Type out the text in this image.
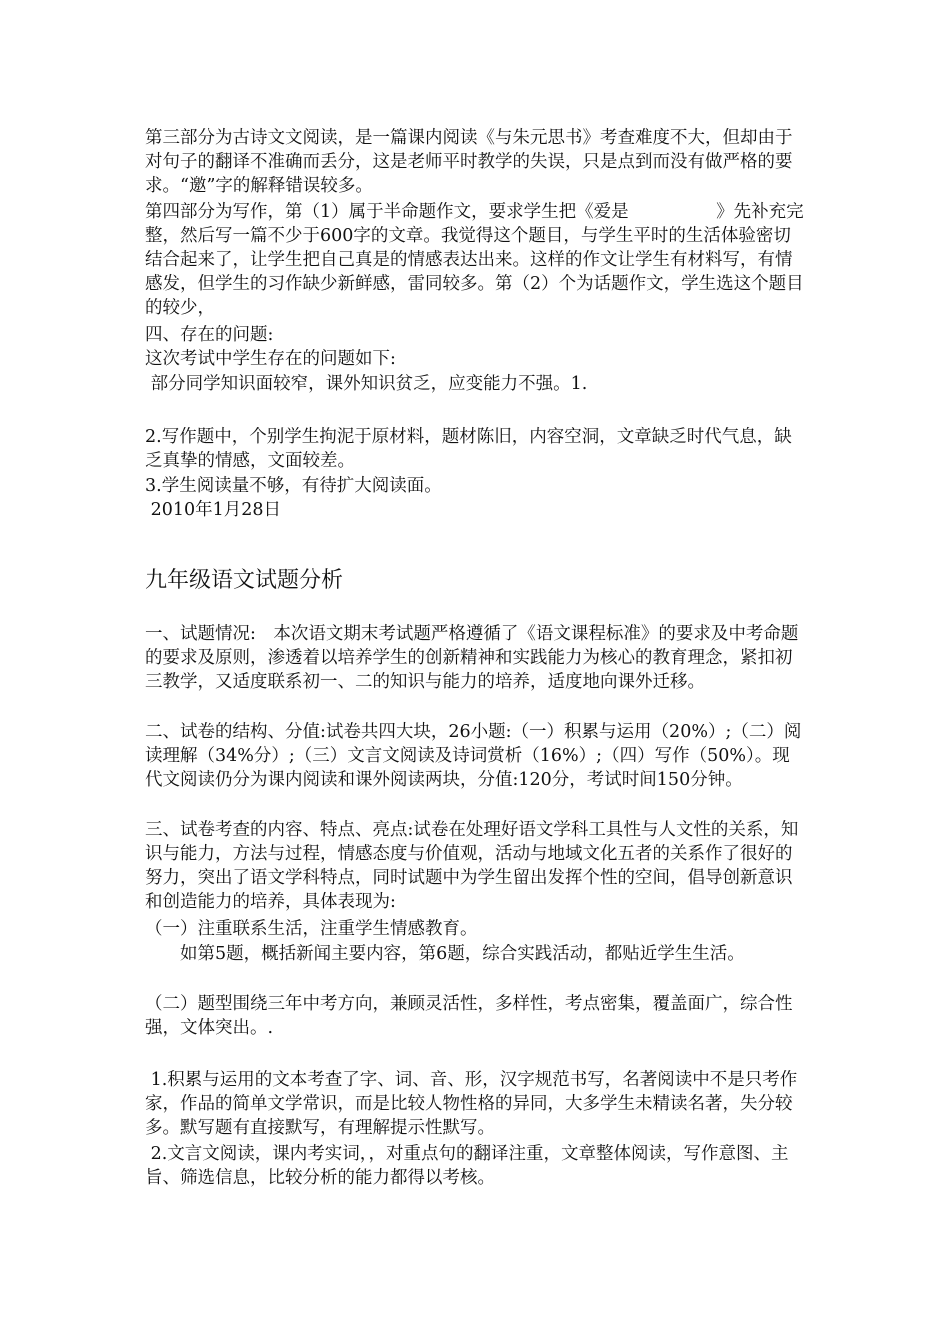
第三部分为古诗文文阅读，是一篇课内阅读《与朱元思书》考查难度不大，但却由于对句子的翻译不准确而丢分，这是老师平时教学的失误，只是点到而没有做严格的要求。“邀”字的解释错误较多。

第四部分为写作，第（1）属于半命题作文，要求学生把《爱是　　　　　》先补充完整，然后写一篇不少于600字的文章。我觉得这个题目，与学生平时的生活体验密切结合起来了，让学生把自己真是的情感表达出来。这样的作文让学生有材料写，有情感发，但学生的习作缺少新鲜感，雷同较多。第（2）个为话题作文，学生选这个题目的较少，

四、存在的问题:

这次考试中学生存在的问题如下:

部分同学知识面较窄，课外知识贫乏，应变能力不强。1.

2.写作题中，个别学生拘泥于原材料，题材陈旧，内容空洞，文章缺乏时代气息，缺乏真挚的情感，文面较差。

3.学生阅读量不够，有待扩大阅读面。

2010年1月28日

九年级语文试题分析

一、试题情况:　本次语文期末考试题严格遵循了《语文课程标准》的要求及中考命题的要求及原则，渗透着以培养学生的创新精神和实践能力为核心的教育理念，紧扣初三教学，又适度联系初一、二的知识与能力的培养，适度地向课外迁移。

二、试卷的结构、分值:试卷共四大块，26小题:（一）积累与运用（20%）;（二）阅读理解（34%分）;（三）文言文阅读及诗词赏析（16%）;（四）写作（50%）。现代文阅读仍分为课内阅读和课外阅读两块，分值:120分，考试时间150分钟。

三、试卷考查的内容、特点、亮点:试卷在处理好语文学科工具性与人文性的关系，知识与能力，方法与过程，情感态度与价值观，活动与地域文化五者的关系作了很好的努力，突出了语文学科特点，同时试题中为学生留出发挥个性的空间，倡导创新意识和创造能力的培养，具体表现为:

（一）注重联系生活，注重学生情感教育。

　　如第5题，概括新闻主要内容，第6题，综合实践活动，都贴近学生生活。

（二）题型围绕三年中考方向，兼顾灵活性，多样性，考点密集，覆盖面广，综合性强，文体突出。.

1.积累与运用的文本考查了字、词、音、形，汉字规范书写，名著阅读中不是只考作家，作品的简单文学常识，而是比较人物性格的异同，大多学生未精读名著，失分较多。默写题有直接默写，有理解提示性默写。

2.文言文阅读，课内考实词，，对重点句的翻译注重，文章整体阅读，写作意图、主旨、筛选信息，比较分析的能力都得以考核。
